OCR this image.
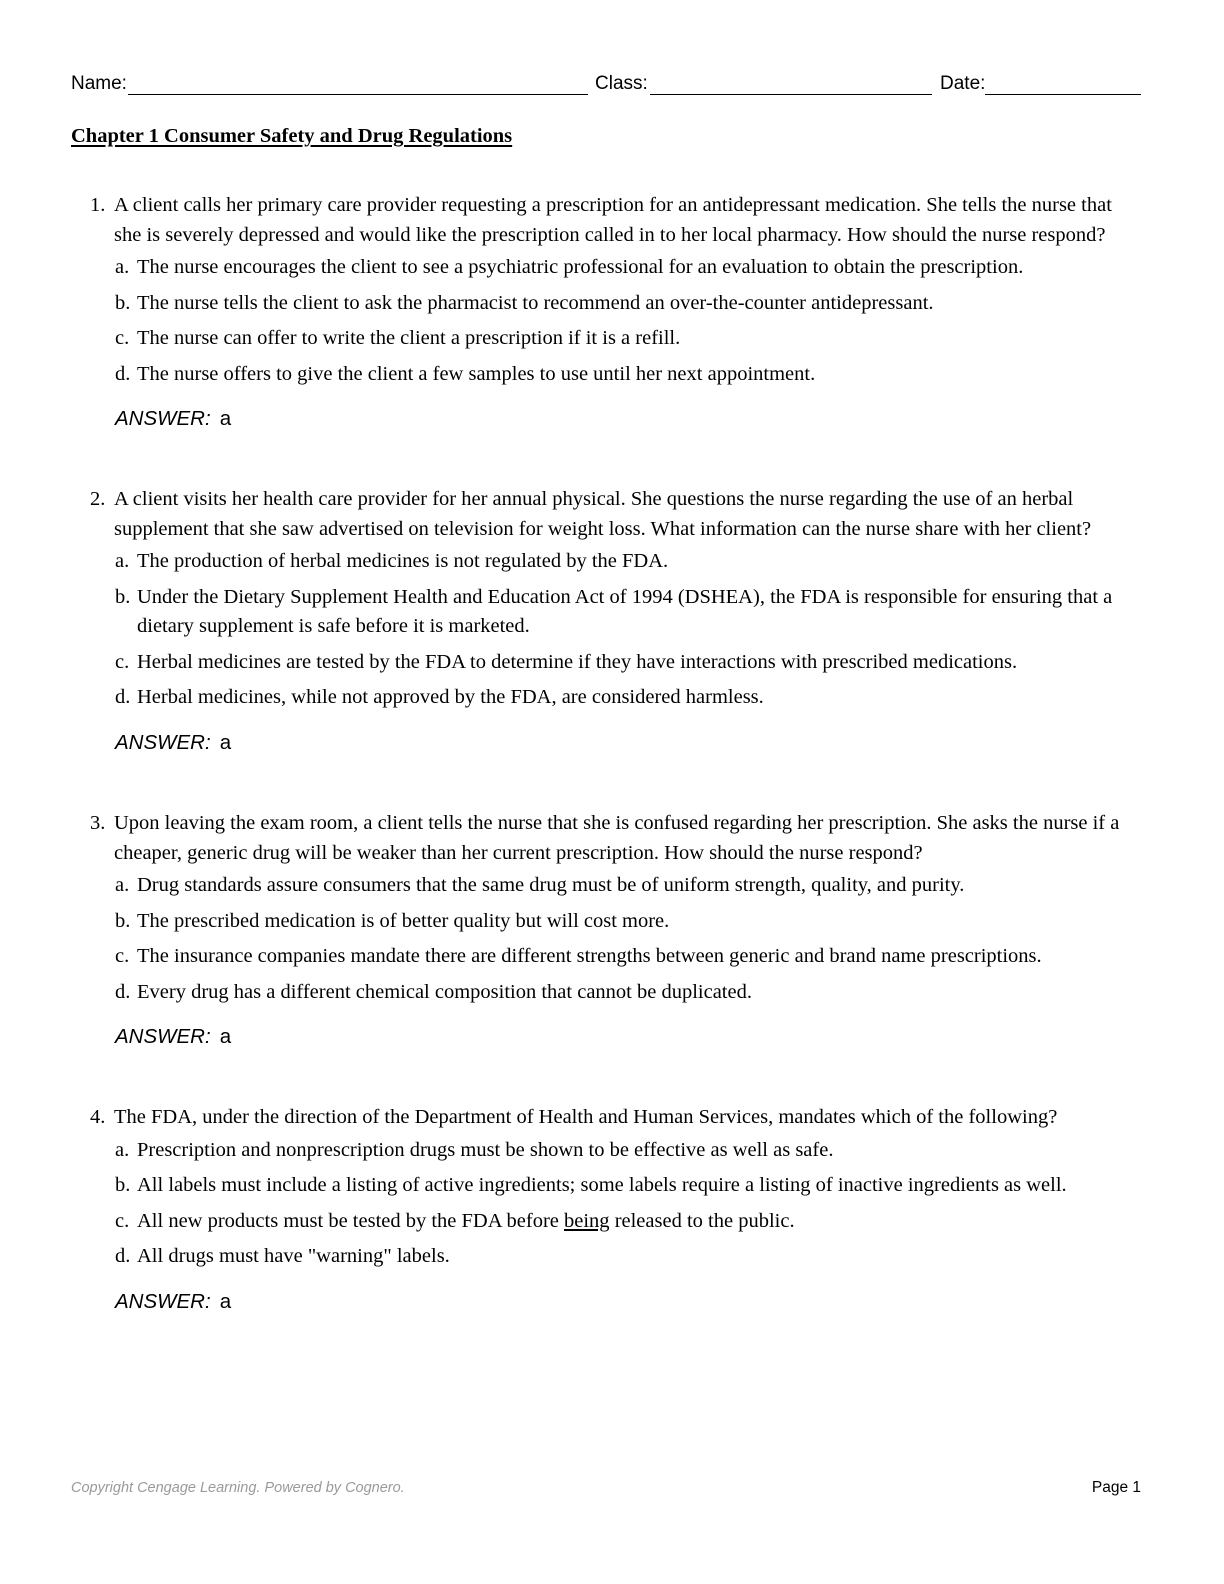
Name:	Class:	Date:
Chapter 1 Consumer Safety and Drug Regulations
1. A client calls her primary care provider requesting a prescription for an antidepressant medication. She tells the nurse that she is severely depressed and would like the prescription called in to her local pharmacy. How should the nurse respond?
a. The nurse encourages the client to see a psychiatric professional for an evaluation to obtain the prescription.
b. The nurse tells the client to ask the pharmacist to recommend an over-the-counter antidepressant.
c. The nurse can offer to write the client a prescription if it is a refill.
d. The nurse offers to give the client a few samples to use until her next appointment.
ANSWER: a
2. A client visits her health care provider for her annual physical. She questions the nurse regarding the use of an herbal supplement that she saw advertised on television for weight loss. What information can the nurse share with her client?
a. The production of herbal medicines is not regulated by the FDA.
b. Under the Dietary Supplement Health and Education Act of 1994 (DSHEA), the FDA is responsible for ensuring that a dietary supplement is safe before it is marketed.
c. Herbal medicines are tested by the FDA to determine if they have interactions with prescribed medications.
d. Herbal medicines, while not approved by the FDA, are considered harmless.
ANSWER: a
3. Upon leaving the exam room, a client tells the nurse that she is confused regarding her prescription. She asks the nurse if a cheaper, generic drug will be weaker than her current prescription. How should the nurse respond?
a. Drug standards assure consumers that the same drug must be of uniform strength, quality, and purity.
b. The prescribed medication is of better quality but will cost more.
c. The insurance companies mandate there are different strengths between generic and brand name prescriptions.
d. Every drug has a different chemical composition that cannot be duplicated.
ANSWER: a
4. The FDA, under the direction of the Department of Health and Human Services, mandates which of the following?
a. Prescription and nonprescription drugs must be shown to be effective as well as safe.
b. All labels must include a listing of active ingredients; some labels require a listing of inactive ingredients as well.
c. All new products must be tested by the FDA before being released to the public.
d. All drugs must have "warning" labels.
ANSWER: a
Copyright Cengage Learning. Powered by Cognero.	Page 1
